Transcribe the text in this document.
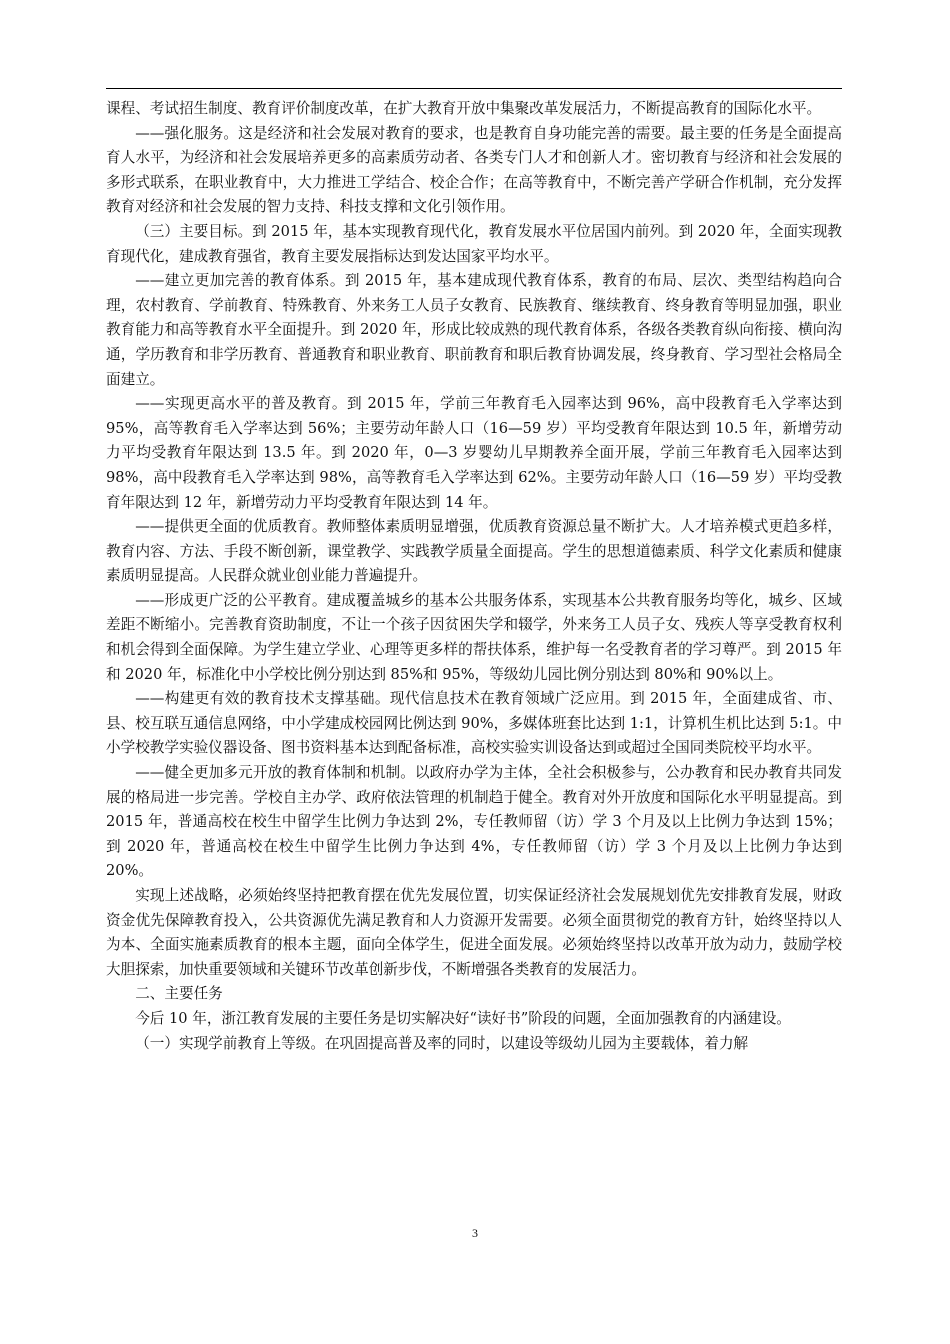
课程、考试招生制度、教育评价制度改革，在扩大教育开放中集聚改革发展活力，不断提高教育的国际化水平。

——强化服务。这是经济和社会发展对教育的要求，也是教育自身功能完善的需要。最主要的任务是全面提高育人水平，为经济和社会发展培养更多的高素质劳动者、各类专门人才和创新人才。密切教育与经济和社会发展的多形式联系，在职业教育中，大力推进工学结合、校企合作；在高等教育中，不断完善产学研合作机制，充分发挥教育对经济和社会发展的智力支持、科技支撑和文化引领作用。

（三）主要目标。到 2015 年，基本实现教育现代化，教育发展水平位居国内前列。到 2020 年，全面实现教育现代化，建成教育强省，教育主要发展指标达到发达国家平均水平。

——建立更加完善的教育体系。到 2015 年，基本建成现代教育体系，教育的布局、层次、类型结构趋向合理，农村教育、学前教育、特殊教育、外来务工人员子女教育、民族教育、继续教育、终身教育等明显加强，职业教育能力和高等教育水平全面提升。到 2020 年，形成比较成熟的现代教育体系，各级各类教育纵向衔接、横向沟通，学历教育和非学历教育、普通教育和职业教育、职前教育和职后教育协调发展，终身教育、学习型社会格局全面建立。

——实现更高水平的普及教育。到 2015 年，学前三年教育毛入园率达到 96%，高中段教育毛入学率达到 95%，高等教育毛入学率达到 56%；主要劳动年龄人口（16—59 岁）平均受教育年限达到 10.5 年，新增劳动力平均受教育年限达到 13.5 年。到 2020 年，0—3 岁婴幼儿早期教养全面开展，学前三年教育毛入园率达到 98%，高中段教育毛入学率达到 98%，高等教育毛入学率达到 62%。主要劳动年龄人口（16—59 岁）平均受教育年限达到 12 年，新增劳动力平均受教育年限达到 14 年。

——提供更全面的优质教育。教师整体素质明显增强，优质教育资源总量不断扩大。人才培养模式更趋多样，教育内容、方法、手段不断创新，课堂教学、实践教学质量全面提高。学生的思想道德素质、科学文化素质和健康素质明显提高。人民群众就业创业能力普遍提升。

——形成更广泛的公平教育。建成覆盖城乡的基本公共服务体系，实现基本公共教育服务均等化，城乡、区域差距不断缩小。完善教育资助制度，不让一个孩子因贫困失学和辍学，外来务工人员子女、残疾人等享受教育权利和机会得到全面保障。为学生建立学业、心理等更多样的帮扶体系，维护每一名受教育者的学习尊严。到 2015 年和 2020 年，标准化中小学校比例分别达到 85%和 95%，等级幼儿园比例分别达到 80%和 90%以上。

——构建更有效的教育技术支撑基础。现代信息技术在教育领域广泛应用。到 2015 年，全面建成省、市、县、校互联互通信息网络，中小学建成校园网比例达到 90%，多媒体班套比达到 1:1，计算机生机比达到 5:1。中小学校教学实验仪器设备、图书资料基本达到配备标准，高校实验实训设备达到或超过全国同类院校平均水平。

——健全更加多元开放的教育体制和机制。以政府办学为主体，全社会积极参与，公办教育和民办教育共同发展的格局进一步完善。学校自主办学、政府依法管理的机制趋于健全。教育对外开放度和国际化水平明显提高。到 2015 年，普通高校在校生中留学生比例力争达到 2%，专任教师留（访）学 3 个月及以上比例力争达到 15%；到 2020 年，普通高校在校生中留学生比例力争达到 4%，专任教师留（访）学 3 个月及以上比例力争达到 20%。

实现上述战略，必须始终坚持把教育摆在优先发展位置，切实保证经济社会发展规划优先安排教育发展，财政资金优先保障教育投入，公共资源优先满足教育和人力资源开发需要。必须全面贯彻党的教育方针，始终坚持以人为本、全面实施素质教育的根本主题，面向全体学生，促进全面发展。必须始终坚持以改革开放为动力，鼓励学校大胆探索，加快重要领域和关键环节改革创新步伐，不断增强各类教育的发展活力。

二、主要任务

今后 10 年，浙江教育发展的主要任务是切实解决好“读好书”阶段的问题，全面加强教育的内涵建设。

（一）实现学前教育上等级。在巩固提高普及率的同时，以建设等级幼儿园为主要载体，着力解

3
